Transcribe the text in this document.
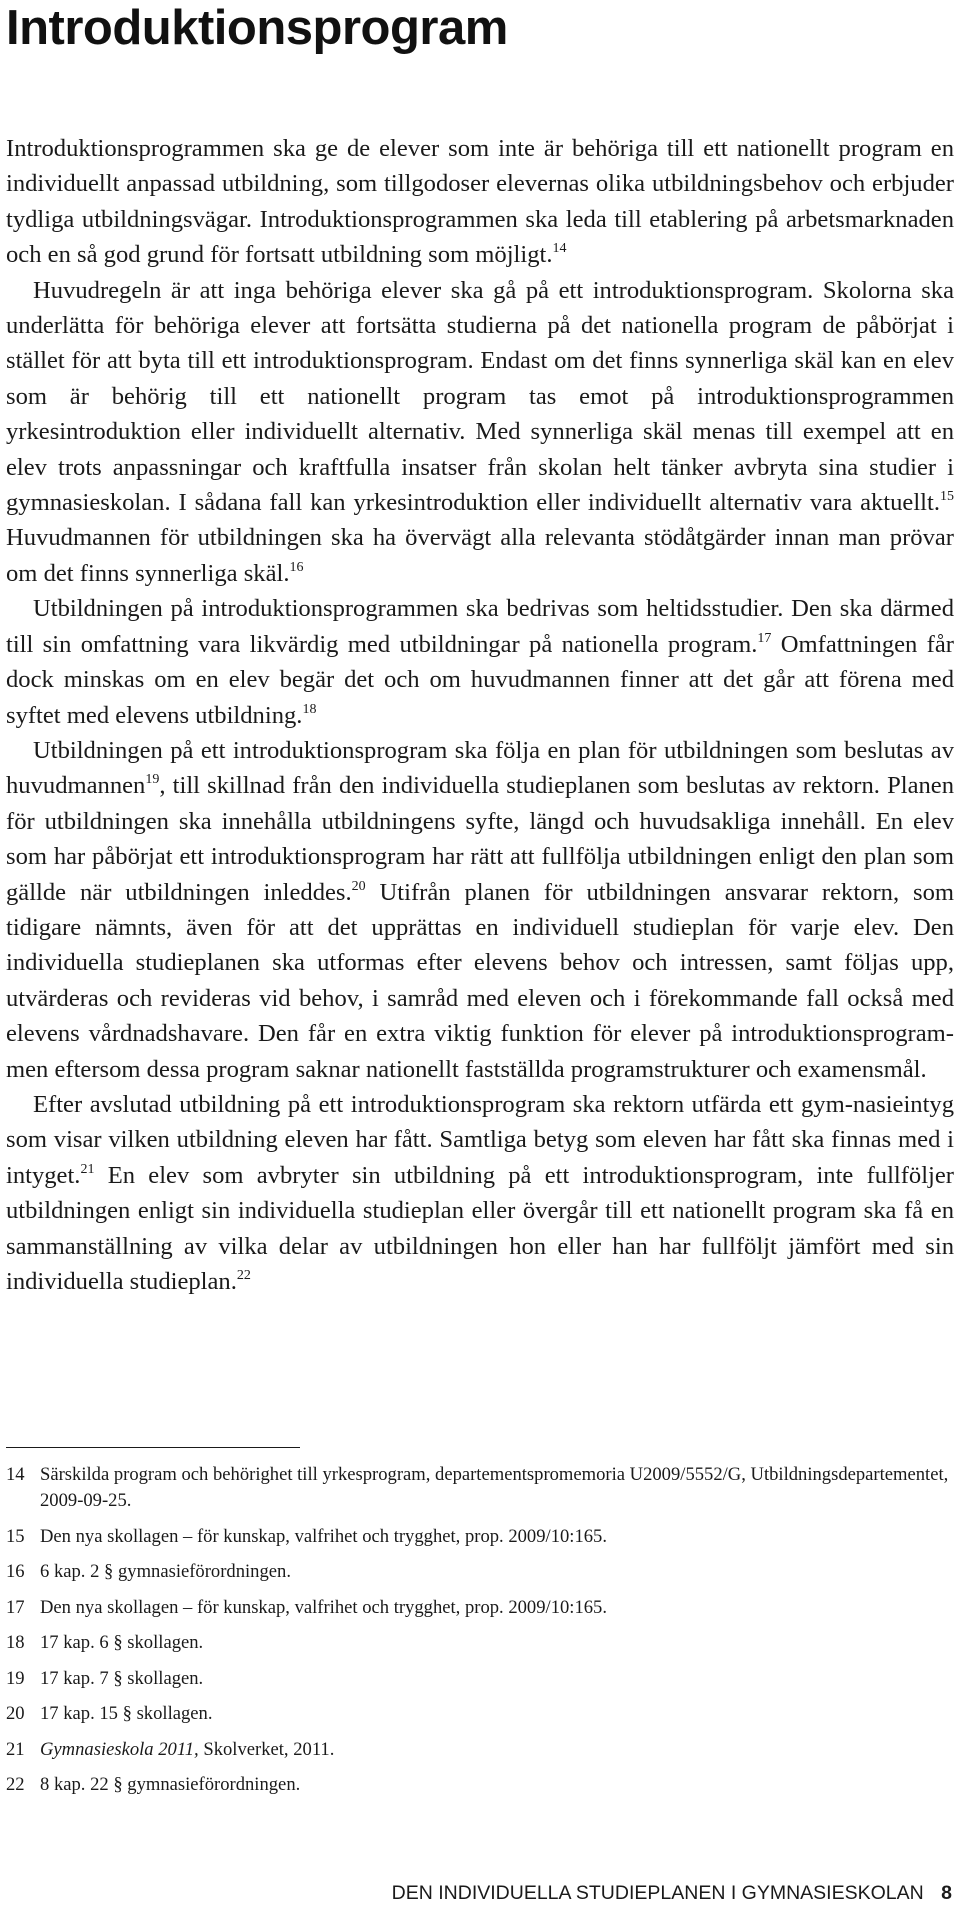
Introduktionsprogram

Introduktionsprogrammen ska ge de elever som inte är behöriga till ett nationellt program en individuellt anpassad utbildning, som tillgodoser elevernas olika utbildningsbehov och erbjuder tydliga utbildningsvägar. Introduktionsprogrammen ska leda till etablering på arbetsmarknaden och en så god grund för fortsatt utbildning som möjligt.$^{14}$

Huvudregeln är att inga behöriga elever ska gå på ett introduktionsprogram. Skolorna ska underlätta för behöriga elever att fortsätta studierna på det nationella program de påbörjat i stället för att byta till ett introduktionsprogram. Endast om det finns synnerliga skäl kan en elev som är behörig till ett nationellt program tas emot på introduktionsprogrammen yrkesintroduktion eller individuellt alternativ. Med synnerliga skäl menas till exempel att en elev trots anpassningar och kraftfulla insatser från skolan helt tänker avbryta sina studier i gymnasieskolan. I sådana fall kan yrkesintroduktion eller individuellt alternativ vara aktuellt.$^{15}$ Huvudmannen för utbildningen ska ha övervägt alla relevanta stödåtgärder innan man prövar om det finns synnerliga skäl.$^{16}$

Utbildningen på introduktionsprogrammen ska bedrivas som heltidsstudier. Den ska därmed till sin omfattning vara likvärdig med utbildningar på nationella program.$^{17}$ Omfattningen får dock minskas om en elev begär det och om huvudmannen finner att det går att förena med syftet med elevens utbildning.$^{18}$

Utbildningen på ett introduktionsprogram ska följa en plan för utbildningen som beslutas av huvudmannen$^{19}$, till skillnad från den individuella studieplanen som beslutas av rektorn. Planen för utbildningen ska innehålla utbildningens syfte, längd och huvudsakliga innehåll. En elev som har påbörjat ett introduktionsprogram har rätt att fullfölja utbildningen enligt den plan som gällde när utbildningen inleddes.$^{20}$ Utifrån planen för utbildningen ansvarar rektorn, som tidigare nämnts, även för att det upprättas en individuell studieplan för varje elev. Den individuella studieplanen ska utformas efter elevens behov och intressen, samt följas upp, utvärderas och revideras vid behov, i samråd med eleven och i förekommande fall också med elevens vårdnadshavare. Den får en extra viktig funktion för elever på introduktionsprogrammen eftersom dessa program saknar nationellt fastställda programstrukturer och examensmål.

Efter avslutad utbildning på ett introduktionsprogram ska rektorn utfärda ett gym-nasieintyg som visar vilken utbildning eleven har fått. Samtliga betyg som eleven har fått ska finnas med i intyget.$^{21}$ En elev som avbryter sin utbildning på ett introduktionsprogram, inte fullföljer utbildningen enligt sin individuella studieplan eller övergår till ett nationellt program ska få en sammanställning av vilka delar av utbildningen hon eller han har fullföljt jämfört med sin individuella studieplan.$^{22}$

14 Särskilda program och behörighet till yrkesprogram, departementspromemoria U2009/5552/G, Utbildningsdepartementet, 2009-09-25.
15 Den nya skollagen – för kunskap, valfrihet och trygghet, prop. 2009/10:165.
16 6 kap. 2 § gymnasieförordningen.
17 Den nya skollagen – för kunskap, valfrihet och trygghet, prop. 2009/10:165.
18 17 kap. 6 § skollagen.
19 17 kap. 7 § skollagen.
20 17 kap. 15 § skollagen.
21 Gymnasieskola 2011, Skolverket, 2011.
22 8 kap. 22 § gymnasieförordningen.
DEN INDIVIDUELLA STUDIEPLANEN I GYMNASIESKOLAN 8
